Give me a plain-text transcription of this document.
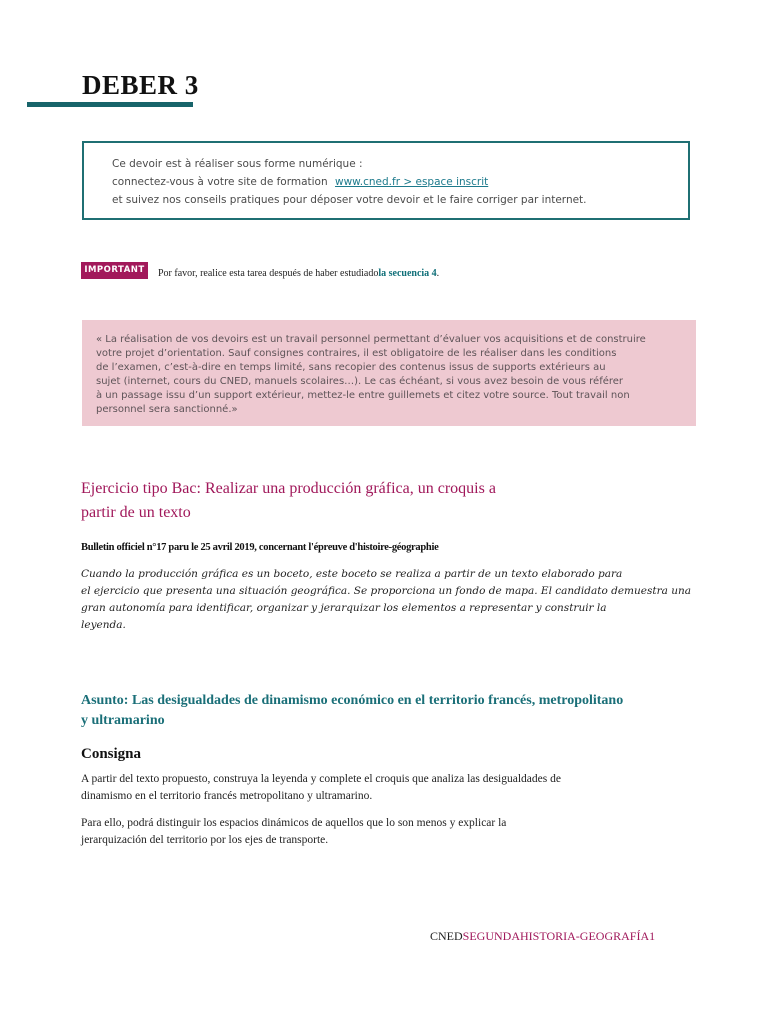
DEBER 3
Ce devoir est à réaliser sous forme numérique :
connectez-vous à votre site de formation www.cned.fr > espace inscrit
et suivez nos conseils pratiques pour déposer votre devoir et le faire corriger par internet.
IMPORTANT	Por favor, realice esta tarea después de haber estudiadola secuencia 4.
« La réalisation de vos devoirs est un travail personnel permettant d’évaluer vos acquisitions et de construire
votre projet d’orientation. Sauf consignes contraires, il est obligatoire de les réaliser dans les conditions
de l’examen, c’est-à-dire en temps limité, sans recopier des contenus issus de supports extérieurs au
sujet (internet, cours du CNED, manuels scolaires…). Le cas échéant, si vous avez besoin de vous référer
à un passage issu d’un support extérieur, mettez-le entre guillemets et citez votre source. Tout travail non
personnel sera sanctionné.»
Ejercicio tipo Bac: Realizar una producción gráfica, un croquis a
partir de un texto
Bulletin officiel n°17 paru le 25 avril 2019, concernant l'épreuve d'histoire-géographie
Cuando la producción gráfica es un boceto, este boceto se realiza a partir de un texto elaborado para
el ejercicio que presenta una situación geográfica. Se proporciona un fondo de mapa. El candidato demuestra una
gran autonomía para identificar, organizar y jerarquizar los elementos a representar y construir la
leyenda.
Asunto: Las desigualdades de dinamismo económico en el territorio francés, metropolitano
y ultramarino
Consigna
A partir del texto propuesto, construya la leyenda y complete el croquis que analiza las desigualdades de
dinamismo en el territorio francés metropolitano y ultramarino.
Para ello, podrá distinguir los espacios dinámicos de aquellos que lo son menos y explicar la
jerarquización del territorio por los ejes de transporte.
CNEDSEGUNDAHISTORIA-GEOGRAFÍA1
